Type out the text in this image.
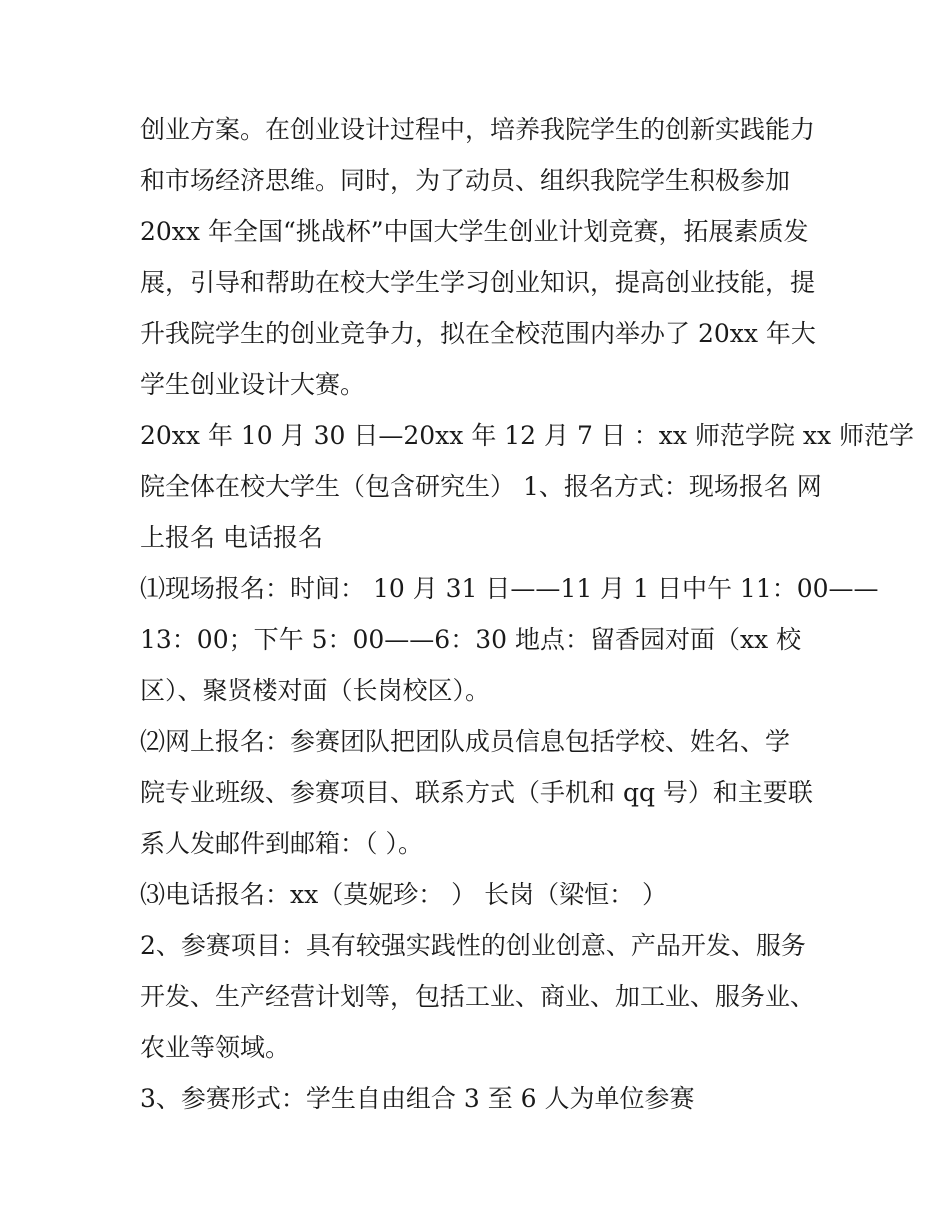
创业方案。在创业设计过程中，培养我院学生的创新实践能力
和市场经济思维。同时，为了动员、组织我院学生积极参加
20xx 年全国“挑战杯”中国大学生创业计划竞赛，拓展素质发
展，引导和帮助在校大学生学习创业知识，提高创业技能，提
升我院学生的创业竞争力，拟在全校范围内举办了 20xx 年大
学生创业设计大赛。
20xx 年 10 月 30 日—20xx 年 12 月 7 日 ：xx 师范学院 xx 师范学
院全体在校大学生（包含研究生） 1、报名方式：现场报名 网
上报名 电话报名
⑴现场报名：时间： 10 月 31 日——11 月 1 日中午 11：00——
13：00；下午 5：00——6：30 地点：留香园对面（xx 校
区）、聚贤楼对面（长岗校区）。
⑵网上报名：参赛团队把团队成员信息包括学校、姓名、学
院专业班级、参赛项目、联系方式（手机和 qq 号）和主要联
系人发邮件到邮箱：（ ）。
⑶电话报名：xx（莫妮珍： ） 长岗（梁恒： ）
2、参赛项目：具有较强实践性的创业创意、产品开发、服务
开发、生产经营计划等，包括工业、商业、加工业、服务业、
农业等领域。
3、参赛形式：学生自由组合 3 至 6 人为单位参赛
